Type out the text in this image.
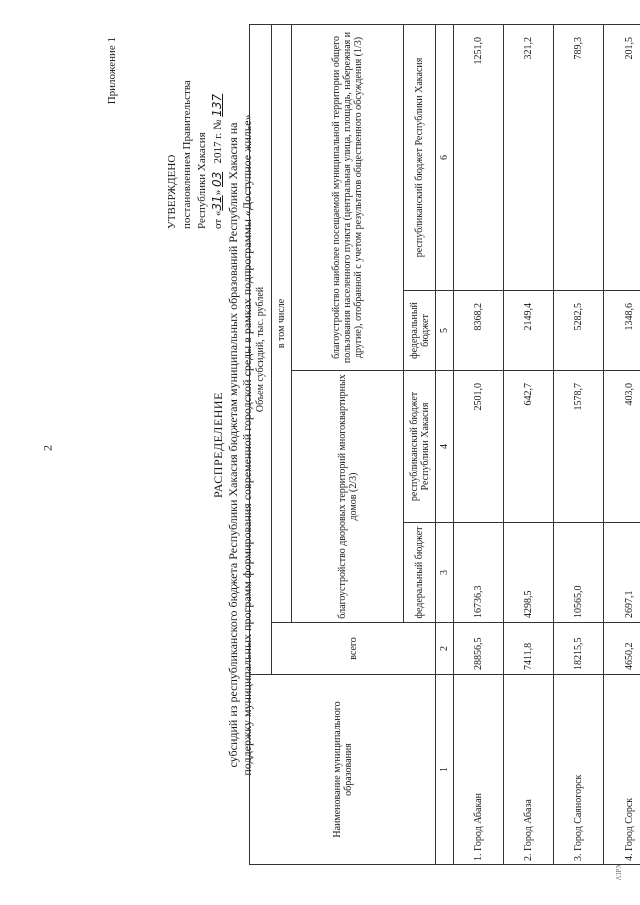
2
ΛΊΡΧ
Приложение 1
УТВЕРЖДЕНО постановлением Правительства Республики Хакасия от «31» 03   2017 г. № 137
РАСПРЕДЕЛЕНИЕ субсидий из республиканского бюджета Республики Хакасия бюджетам муниципальных образований Республики Хакасия на поддержку муниципальных программ формирования современной городской среды в рамках подпрограммы «Доступное жилье»	Наименование муниципального образования	Объем субсидий, тыс. рублей				
	всего	в том числе			
		благоустройство дворовых территорий многоквартирных домов (2/3)		благоустройство наиболее посещаемой муниципальной территории общего пользования населенного пункта (центральная улица, площадь, набережная и другие), отобранной с учетом результатов общественного обсуждения (1/3)	
		федеральный бюджет	республиканский бюджет Республики Хакасия	федеральный бюджет	республиканский бюджет Республики Хакасия
1	2	3	4	5	6
1. Город Абакан	28856,5	16736,3	2501,0	8368,2	1251,0
2. Город Абаза	7411,8	4298,5	642,7	2149,4	321,2
3. Город Саяногорск	18215,5	10565,0	1578,7	5282,5	789,3
4. Город Сорск	4650,2	2697,1	403,0	1348,6	201,5
